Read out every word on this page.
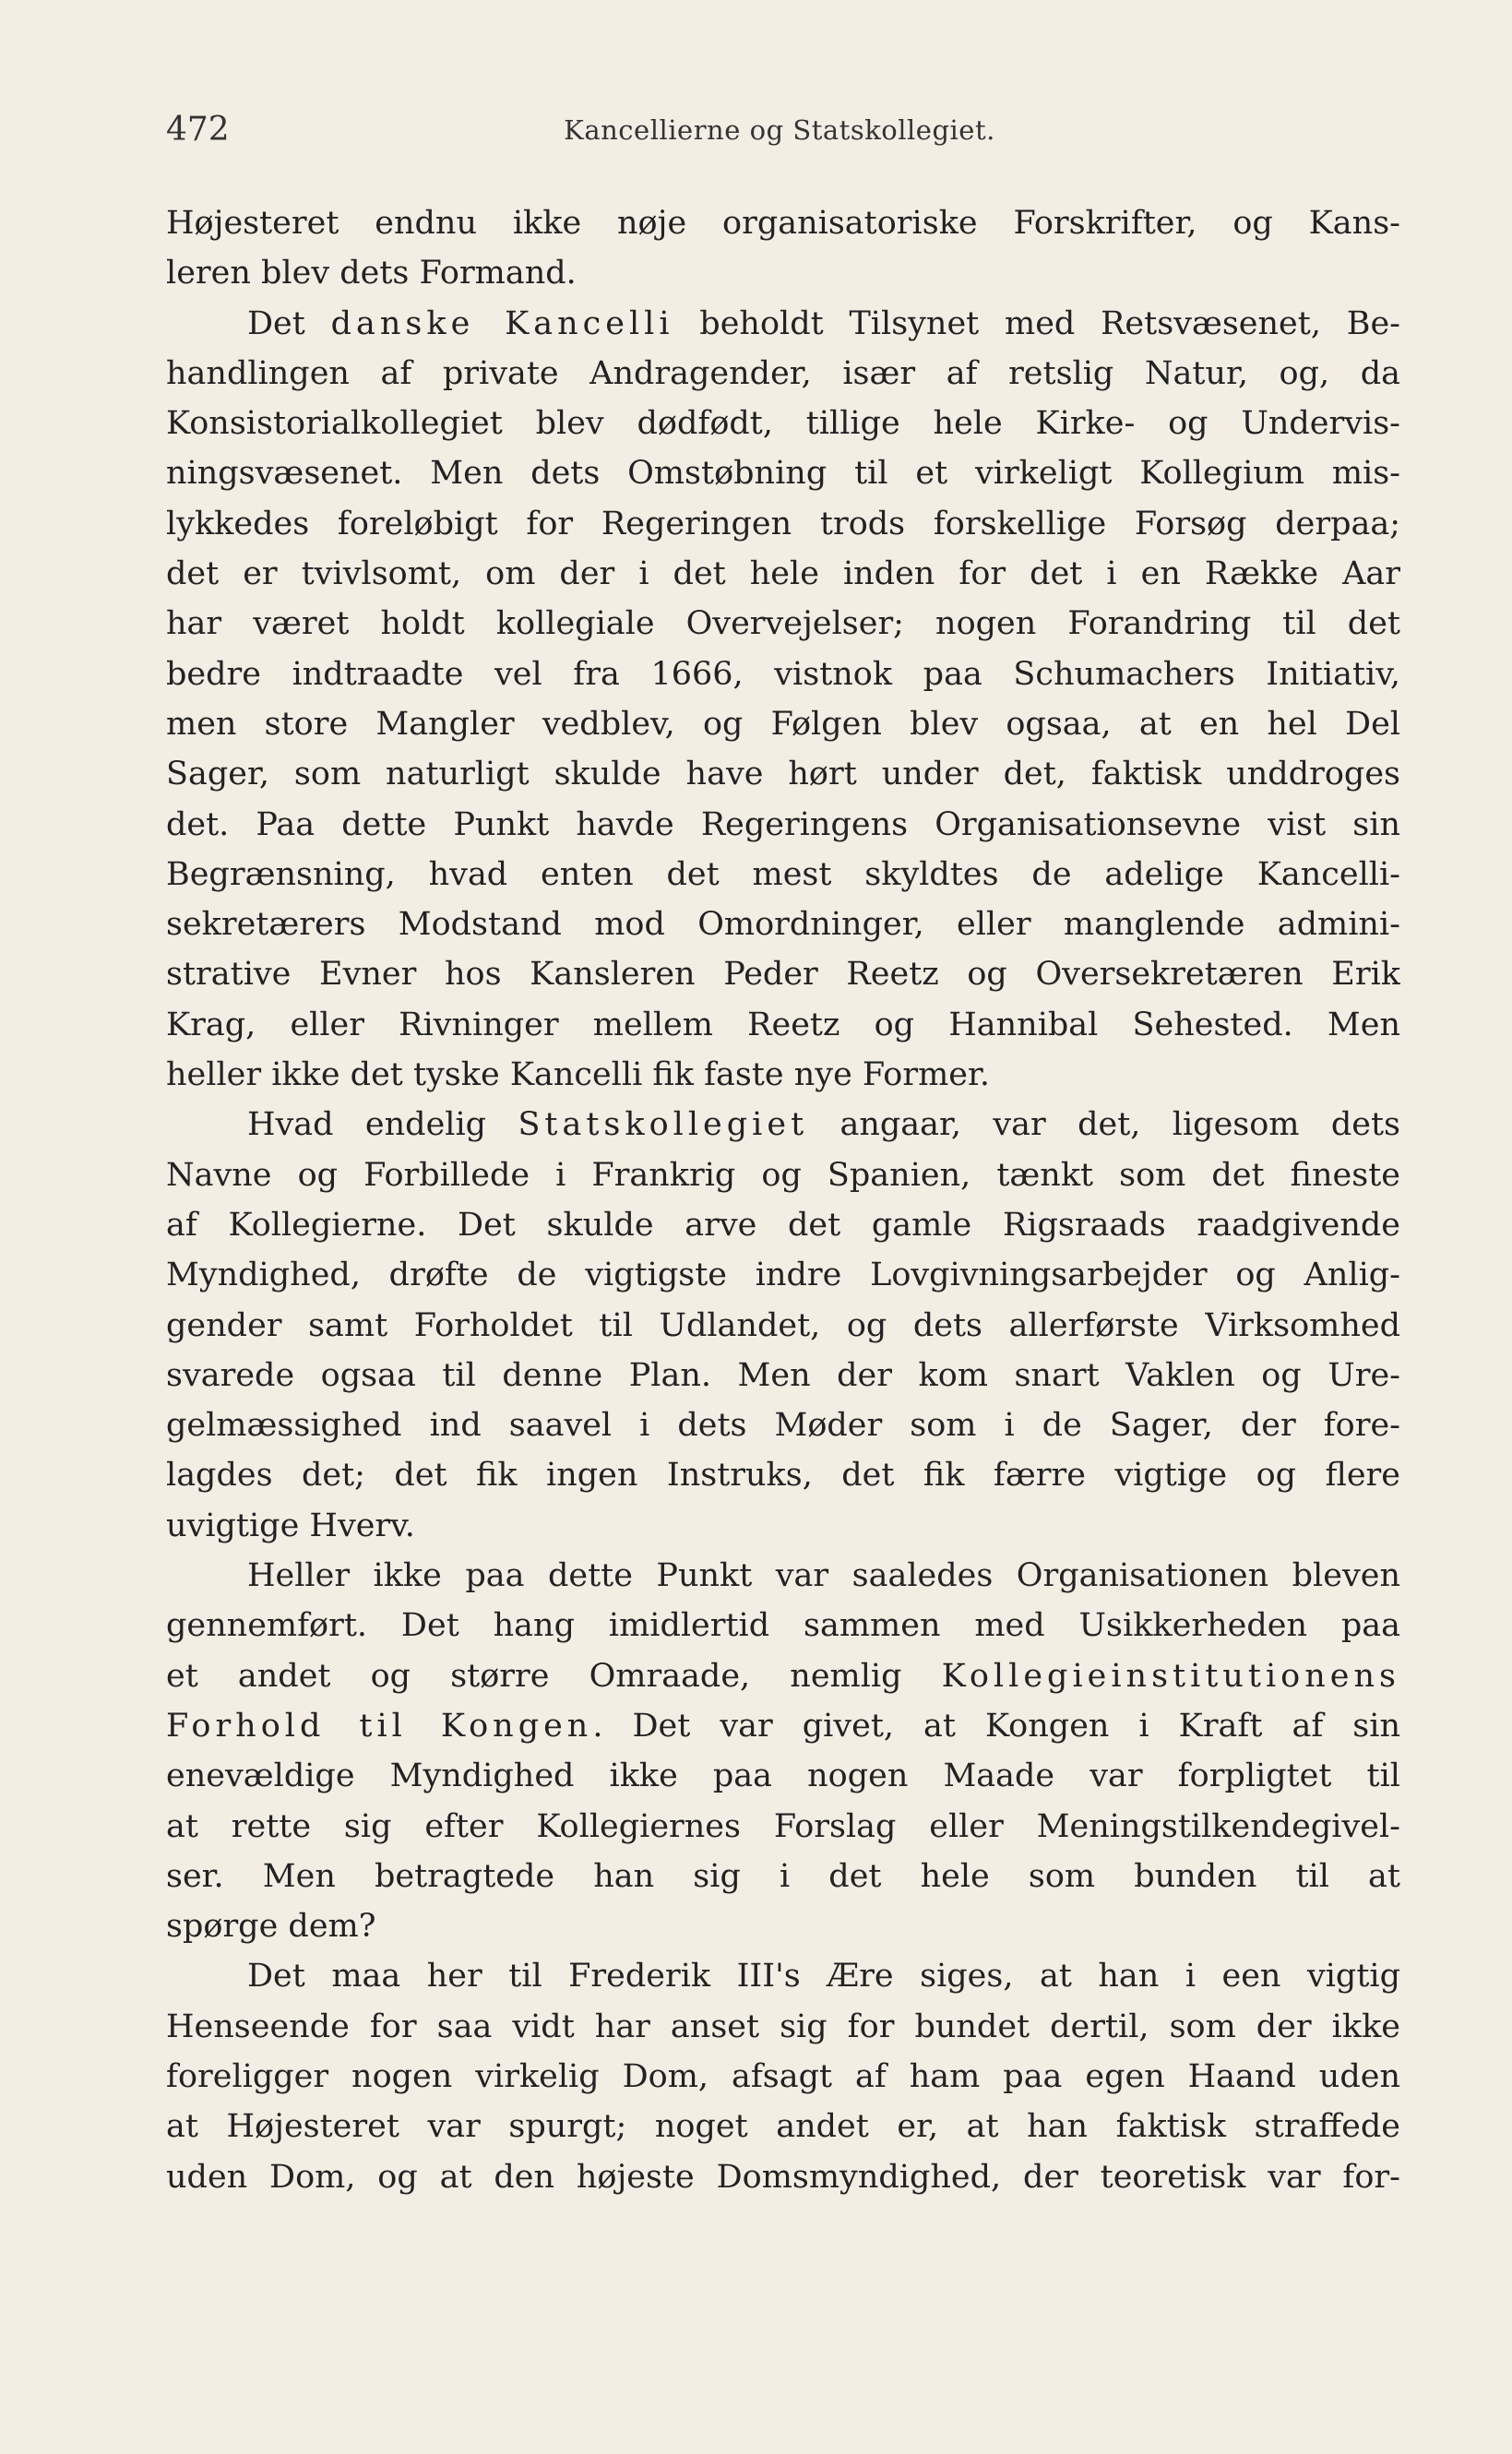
472	Kancellierne og Statskollegiet.
Højesteret endnu ikke nøje organisatoriske Forskrifter, og Kans-
leren blev dets Formand.
Det danske Kancelli beholdt Tilsynet med Retsvæsenet, Be-
handlingen af private Andragender, især af retslig Natur, og, da
Konsistorialkollegiet blev dødfødt, tillige hele Kirke- og Undervis-
ningsvæsenet. Men dets Omstøbning til et virkeligt Kollegium mis-
lykkedes foreløbigt for Regeringen trods forskellige Forsøg derpaa;
det er tvivlsomt, om der i det hele inden for det i en Række Aar
har været holdt kollegiale Overvejelser; nogen Forandring til det
bedre indtraadte vel fra 1666, vistnok paa Schumachers Initiativ,
men store Mangler vedblev, og Følgen blev ogsaa, at en hel Del
Sager, som naturligt skulde have hørt under det, faktisk unddroges
det. Paa dette Punkt havde Regeringens Organisationsevne vist sin
Begrænsning, hvad enten det mest skyldtes de adelige Kancelli-
sekretærers Modstand mod Omordninger, eller manglende admini-
strative Evner hos Kansleren Peder Reetz og Oversekretæren Erik
Krag, eller Rivninger mellem Reetz og Hannibal Sehested. Men
heller ikke det tyske Kancelli fik faste nye Former.
Hvad endelig Statskollegiet angaar, var det, ligesom dets
Navne og Forbillede i Frankrig og Spanien, tænkt som det fineste
af Kollegierne. Det skulde arve det gamle Rigsraads raadgivende
Myndighed, drøfte de vigtigste indre Lovgivningsarbejder og Anlig-
gender samt Forholdet til Udlandet, og dets allerførste Virksomhed
svarede ogsaa til denne Plan. Men der kom snart Vaklen og Ure-
gelmæssighed ind saavel i dets Møder som i de Sager, der fore-
lagdes det; det fik ingen Instruks, det fik færre vigtige og flere
uvigtige Hverv.
Heller ikke paa dette Punkt var saaledes Organisationen bleven
gennemført. Det hang imidlertid sammen med Usikkerheden paa
et andet og større Omraade, nemlig Kollegieinstitutionens
Forhold til Kongen. Det var givet, at Kongen i Kraft af sin
enevældige Myndighed ikke paa nogen Maade var forpligtet til
at rette sig efter Kollegiernes Forslag eller Meningstilkendegivel-
ser. Men betragtede han sig i det hele som bunden til at
spørge dem?
Det maa her til Frederik III's Ære siges, at han i een vigtig
Henseende for saa vidt har anset sig for bundet dertil, som der ikke
foreligger nogen virkelig Dom, afsagt af ham paa egen Haand uden
at Højesteret var spurgt; noget andet er, at han faktisk straffede
uden Dom, og at den højeste Domsmyndighed, der teoretisk var for-
